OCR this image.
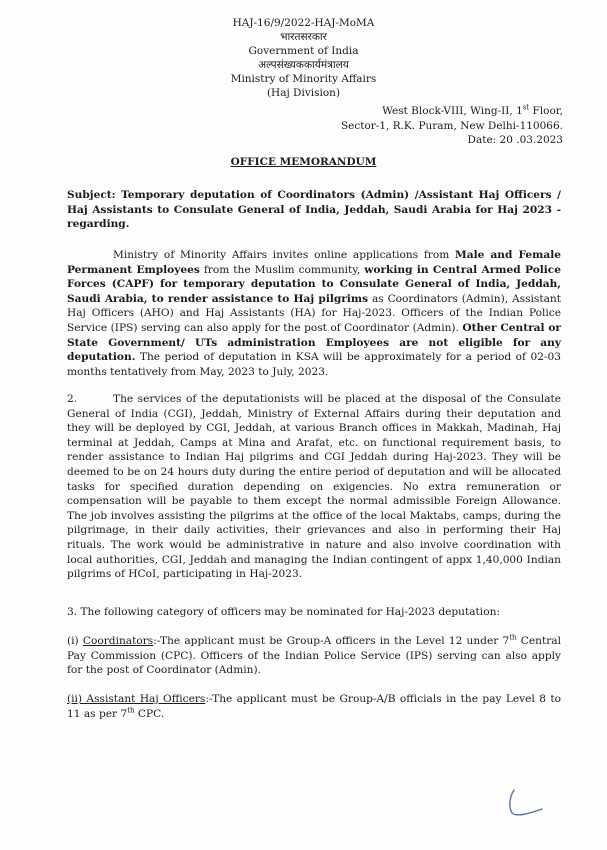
HAJ-16/9/2022-HAJ-MoMA
भारतसरकार
Government of India
अल्पसंख्यककार्यमंत्रालय
Ministry of Minority Affairs
(Haj Division)
West Block-VIII, Wing-II, 1st Floor,
Sector-1, R.K. Puram, New Delhi-110066.
Date: 20 .03.2023
OFFICE MEMORANDUM
Subject: Temporary deputation of Coordinators (Admin) /Assistant Haj Officers / Haj Assistants to Consulate General of India, Jeddah, Saudi Arabia for Haj 2023 - regarding.
Ministry of Minority Affairs invites online applications from Male and Female Permanent Employees from the Muslim community, working in Central Armed Police Forces (CAPF) for temporary deputation to Consulate General of India, Jeddah, Saudi Arabia, to render assistance to Haj pilgrims as Coordinators (Admin), Assistant Haj Officers (AHO) and Haj Assistants (HA) for Haj-2023. Officers of the Indian Police Service (IPS) serving can also apply for the post of Coordinator (Admin). Other Central or State Government/ UTs administration Employees are not eligible for any deputation. The period of deputation in KSA will be approximately for a period of 02-03 months tentatively from May, 2023 to July, 2023.
2.	The services of the deputationists will be placed at the disposal of the Consulate General of India (CGI), Jeddah, Ministry of External Affairs during their deputation and they will be deployed by CGI, Jeddah, at various Branch offices in Makkah, Madinah, Haj terminal at Jeddah, Camps at Mina and Arafat, etc. on functional requirement basis, to render assistance to Indian Haj pilgrims and CGI Jeddah during Haj-2023. They will be deemed to be on 24 hours duty during the entire period of deputation and will be allocated tasks for specified duration depending on exigencies. No extra remuneration or compensation will be payable to them except the normal admissible Foreign Allowance. The job involves assisting the pilgrims at the office of the local Maktabs, camps, during the pilgrimage, in their daily activities, their grievances and also in performing their Haj rituals. The work would be administrative in nature and also involve coordination with local authorities, CGI, Jeddah and managing the Indian contingent of appx 1,40,000 Indian pilgrims of HCoI, participating in Haj-2023.
3. The following category of officers may be nominated for Haj-2023 deputation:
(i) Coordinators:-The applicant must be Group-A officers in the Level 12 under 7th Central Pay Commission (CPC). Officers of the Indian Police Service (IPS) serving can also apply for the post of Coordinator (Admin).
(ii) Assistant Haj Officers:-The applicant must be Group-A/B officials in the pay Level 8 to 11 as per 7th CPC.
